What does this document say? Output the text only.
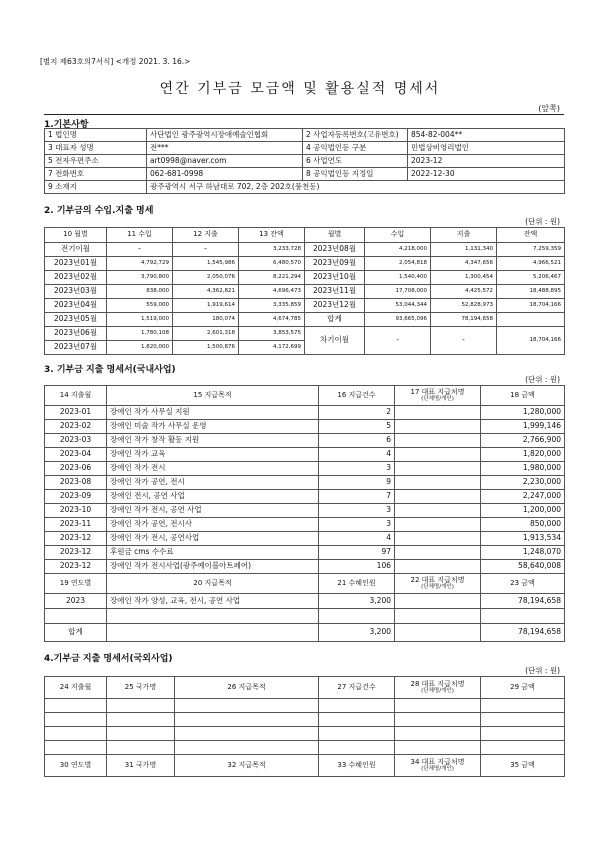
[별지 제63호의7서식] <개정 2021. 3. 16.>
연간 기부금 모금액 및 활용실적 명세서
(앞쪽)
1.기본사항
1 법인명	사단법인 광주광역시장애예술인협회	2 사업자등록번호(고유번호)	854-82-004**
3 대표자 성명	전***	4 공익법인등 구분	민법상비영리법인
5 전자우편주소	art0998@naver.com	6 사업연도	2023-12
7 전화번호	062-681-0998	8 공익법인등 지정일	2022-12-30
9 소재지	광주광역시 서구 하남대로 702, 2층 202호(풍천동)		
2. 기부금의 수입.지출 명세
(단위 : 원)
10 월별	11 수입	12 지출	13 잔액	월별	수입	지출	잔액
전기이월	-	-	3,233,728	2023년08월	4,218,000	1,131,340	7,259,359
2023년01월	4,792,729	1,545,986	6,480,570	2023년09월	2,054,818	4,347,656	4,966,521
2023년02월	3,790,800	2,050,076	8,221,294	2023년10월	1,540,400	1,300,454	5,206,467
2023년03월	838,000	4,362,821	4,696,473	2023년11월	17,708,000	4,425,572	18,488,895
2023년04월	559,000	1,919,614	3,335,859	2023년12월	53,044,344	52,828,973	18,704,166
2023년05월	1,519,000	180,074	4,674,785	합계	93,665,096	78,194,658	
2023년06월	1,780,108	2,601,318	3,853,575	차기이월	-	-	18,704,166
2023년07월	1,820,000	1,500,876	4,172,699				
3. 기부금 지출 명세서(국내사업)
(단위 : 원)
14 지출월	15 지급목적	16 지급건수	17 대표 지급처명
(단체명/개인)	18 금액
2023-01	장애인 작가 사무실 지원	2		1,280,000
2023-02	장애인 미술 작가 사무실 운영	5		1,999,146
2023-03	장애인 작가 창작 활동 지원	6		2,766,900
2023-04	장애인 작가 교육	4		1,820,000
2023-06	장애인 작가 전시	3		1,980,000
2023-08	장애인 작가 공연, 전시	9		2,230,000
2023-09	장애인 전시, 공연 사업	7		2,247,000
2023-10	장애인 작가 전시, 공연 사업	3		1,200,000
2023-11	장애인 작가 공연, 전시사	3		850,000
2023-12	장애인 작가 전시, 공연사업	4		1,913,534
2023-12	후원금 cms 수수료	97		1,248,070
2023-12	장애인 작가 전시사업(광주예이블아트페어)	106		58,640,008
19 연도별	20 지급목적	21 수혜인원	22 대표 지급처명
(단체명/개인)	23 금액
2023	장애인 작가 양성, 교육, 전시, 공연 사업	3,200		78,194,658

합계		3,200		78,194,658
4.기부금 지출 명세서(국외사업)
(단위 : 원)
24 지출월	25 국가명	26 지급목적	27 지급건수	28 대표 지급처명
(단체명/개인)	29 금액

30 연도별	31 국가명	32 지급목적	33 수혜인원	34 대표 지급처명
(단체명/개인)	35 금액
